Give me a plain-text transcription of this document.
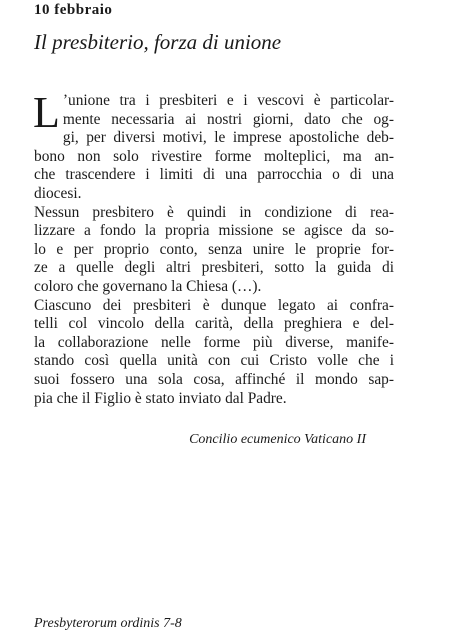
10 febbraio
Il presbiterio, forza di unione
L ’unione tra i presbiteri e i vescovi è particolar-
mente necessaria ai nostri giorni, dato che og-
gi, per diversi motivi, le imprese apostoliche deb-
bono non solo rivestire forme molteplici, ma an-
che trascendere i limiti di una parrocchia o di una
diocesi.
Nessun presbitero è quindi in condizione di rea-
lizzare a fondo la propria missione se agisce da so-
lo e per proprio conto, senza unire le proprie for-
ze a quelle degli altri presbiteri, sotto la guida di
coloro che governano la Chiesa (…).
Ciascuno dei presbiteri è dunque legato ai confra-
telli col vincolo della carità, della preghiera e del-
la collaborazione nelle forme più diverse, manife-
stando così quella unità con cui Cristo volle che i
suoi fossero una sola cosa, affinché il mondo sap-
pia che il Figlio è stato inviato dal Padre.
Concilio ecumenico Vaticano II
Presbyterorum ordinis 7-8
